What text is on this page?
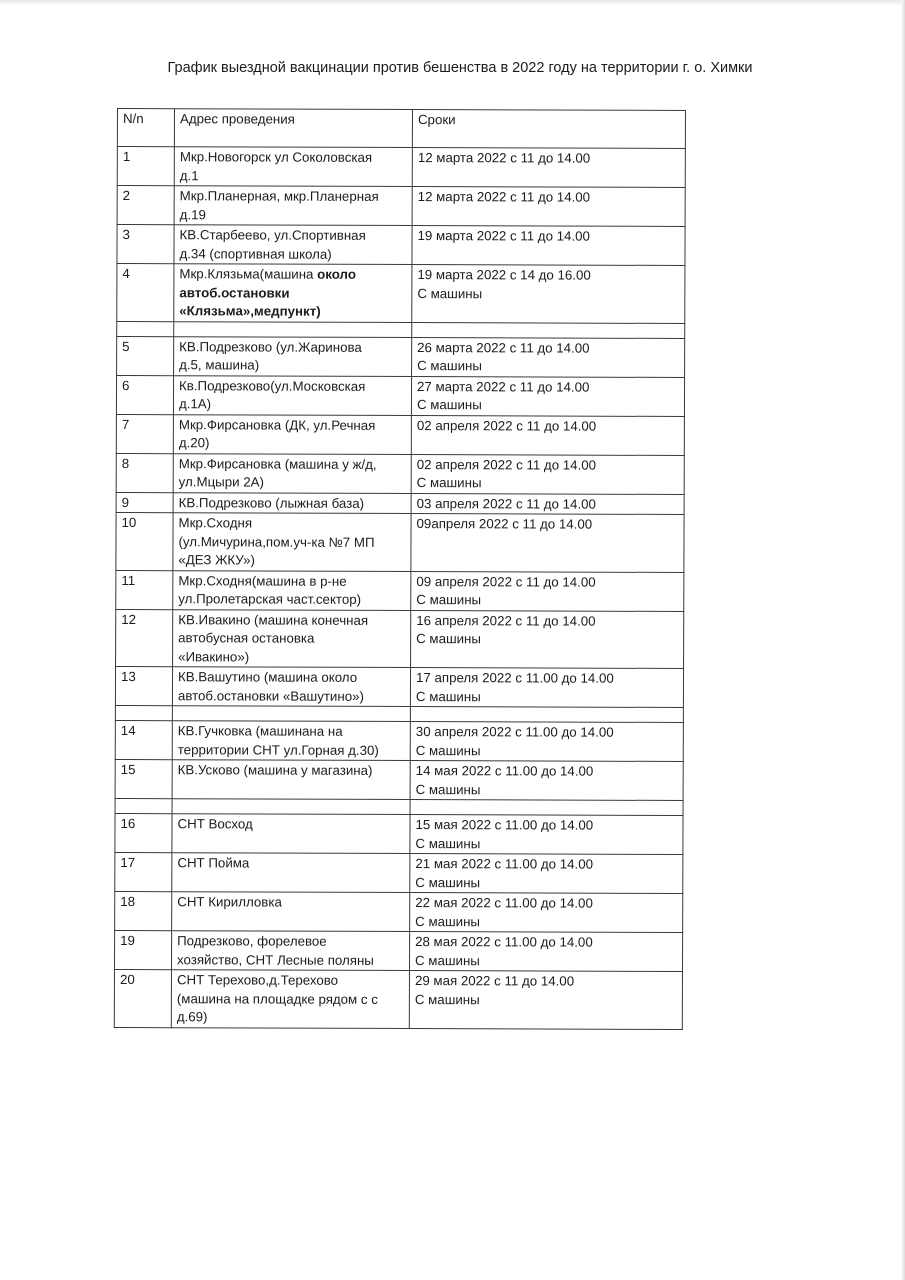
График выездной вакцинации против бешенства в 2022 году на территории г. о. Химки
N/n	Адрес проведения	Сроки
1	Мкр.Новогорск ул Соколовская
д.1	12 марта 2022 с 11 до 14.00

2	Мкр.Планерная, мкр.Планерная
д.19	12 марта 2022 с 11 до 14.00

3	КВ.Старбеево, ул.Спортивная
д.34 (спортивная школа)	19 марта 2022 с 11 до 14.00

4	Мкр.Клязьма(машина около
автоб.остановки
«Клязьма»,медпункт)	19 марта 2022 с 14 до 16.00
С машины

5	КВ.Подрезково (ул.Жаринова
д.5, машина)	26 марта 2022 с 11 до 14.00
С машины

6	Кв.Подрезково(ул.Московская
д.1А)	27 марта 2022 с 11 до 14.00
С машины

7	Мкр.Фирсановка (ДК, ул.Речная
д.20)	02 апреля 2022 с 11 до 14.00

8	Мкр.Фирсановка (машина у ж/д,
ул.Мцыри 2А)	02 апреля 2022 с 11 до 14.00
С машины

9	КВ.Подрезково (лыжная база)	03 апреля 2022 с 11 до 14.00

10	Мкр.Сходня
(ул.Мичурина,пом.уч-ка №7 МП
«ДЕЗ ЖКУ»)	09апреля 2022 с 11 до 14.00

11	Мкр.Сходня(машина в р-не
ул.Пролетарская част.сектор)	09 апреля 2022 с 11 до 14.00
С машины

12	КВ.Ивакино (машина конечная
автобусная остановка
«Ивакино»)	16 апреля 2022 с 11 до 14.00
С машины

13	КВ.Вашутино (машина около
автоб.остановки «Вашутино»)	17 апреля 2022 с 11.00 до 14.00
С машины

14	КВ.Гучковка (машинана на
территории СНТ ул.Горная д.30)	30 апреля 2022 с 11.00 до 14.00
С машины

15	КВ.Усково (машина у магазина)	14 мая 2022 с 11.00 до 14.00
С машины

16	СНТ Восход	15 мая 2022 с 11.00 до 14.00
С машины

17	СНТ Пойма	21 мая 2022 с 11.00 до 14.00
С машины

18	СНТ Кирилловка	22 мая 2022 с 11.00 до 14.00
С машины

19	Подрезково, форелевое
хозяйство, СНТ Лесные поляны	28 мая 2022 с 11.00 до 14.00
С машины

20	СНТ Терехово,д.Терехово
(машина на площадке рядом с с
д.69)	29 мая 2022 с 11 до 14.00
С машины
